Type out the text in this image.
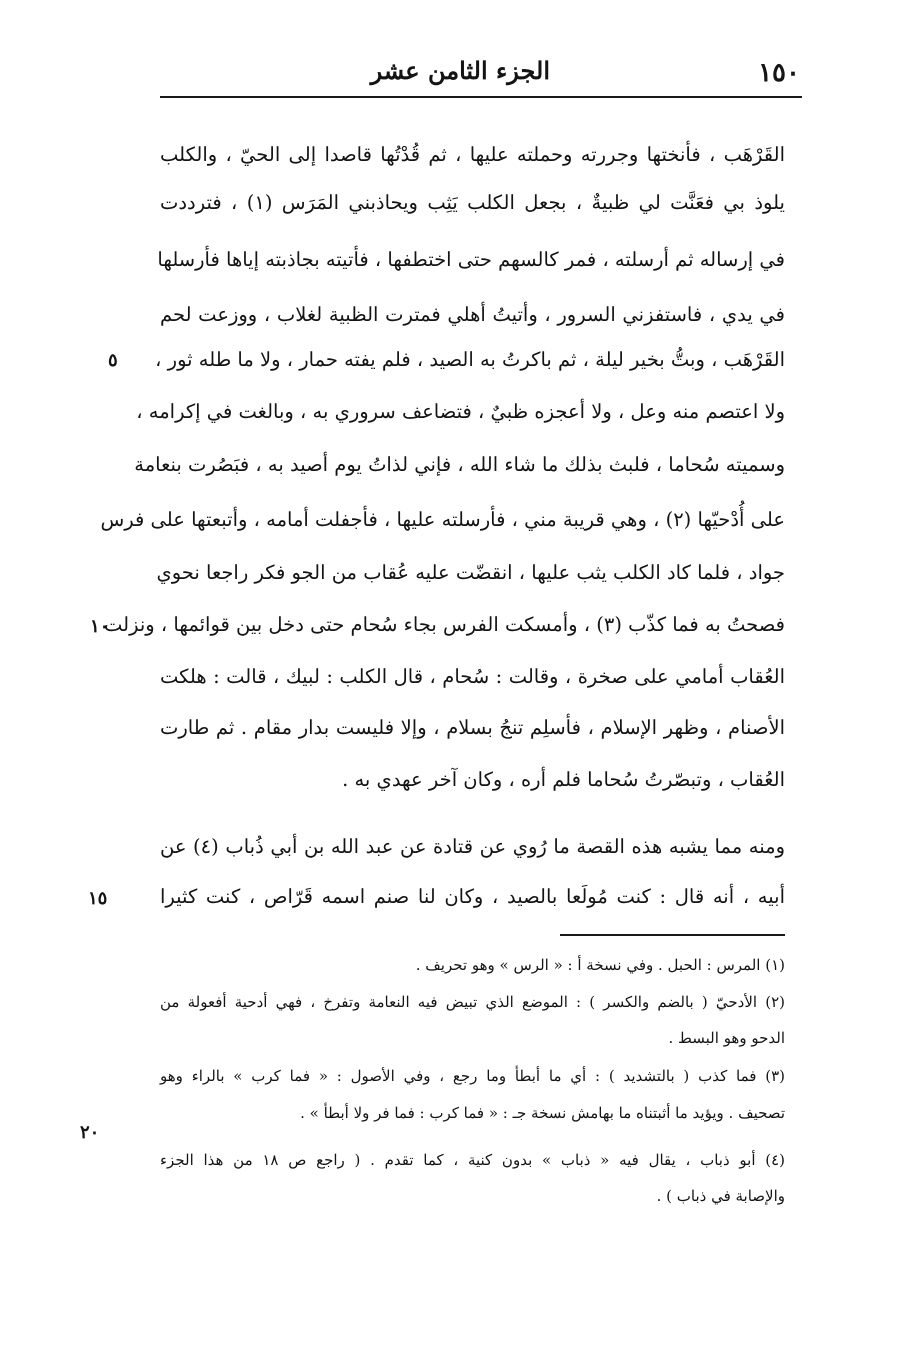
١٥٠
الجزء الثامن عشر
القَرْهَب ، فأنختها وجررته وحملته عليها ، ثم قُدْتُها قاصدا إلى الحيّ ، والكلب
يلوذ بي فعَنَّت لي ظبيةٌ ، بجعل الكلب يَثِب ويحاذبني المَرَس (١) ، فترددت
في إرساله ثم أرسلته ، فمر كالسهم حتى اختطفها ، فأتيته بجاذبته إياها فأرسلها
في يدي ، فاستفزني السرور ، وأتيتُ أهلي فمترت الظبية لغلاب ، ووزعت لحم
القَرْهَب ، وبتُّ بخير ليلة ، ثم باكرتُ به الصيد ، فلم يفته حمار ، ولا ما طله ثور ،
ولا اعتصم منه وعل ، ولا أعجزه ظبيٌ ، فتضاعف سروري به ، وبالغت في إكرامه ،
وسميته سُحاما ، فلبث بذلك ما شاء الله ، فإني لذاتُ يوم أصيد به ، فبَصُرت بنعامة
على أُدْحيّها (٢) ، وهي قريبة مني ، فأرسلته عليها ، فأجفلت أمامه ، وأتبعتها على فرس
جواد ، فلما كاد الكلب يثب عليها ، انقضّت عليه عُقاب من الجو فكر راجعا نحوي
فصحتُ به فما كذّب (٣) ، وأمسكت الفرس بجاء سُحام حتى دخل بين قوائمها ، ونزلت
العُقاب أمامي على صخرة ، وقالت : سُحام ، قال الكلب : لبيك ، قالت : هلكت
الأصنام ، وظهر الإسلام ، فأسلِم تنجُ بسلام ، وإلا فليست بدار مقام . ثم طارت
العُقاب ، وتبصّرتُ سُحاما فلم أره ، وكان آخر عهدي به .
ومنه مما يشبه هذه القصة ما رُوي عن قتادة عن عبد الله بن أبي ذُباب (٤) عن
أبيه ، أنه قال : كنت مُولَعا بالصيد ، وكان لنا صنم اسمه قَرّاص ، كنت كثيرا
٥
١٠
١٥
٢٠
(١) المرس : الحبل . وفي نسخة أ : « الرس » وهو تحريف .
(٢) الأدحيّ ( بالضم والكسر ) : الموضع الذي تبيض فيه النعامة وتفرخ ، فهي أدحية أفعولة من
الدحو وهو البسط .
(٣) فما كذب ( بالتشديد ) : أي ما أبطأ وما رجع ، وفي الأصول : « فما كرب » بالراء وهو
تصحيف . ويؤيد ما أثبتناه ما بهامش نسخة جـ : « فما كرب : فما فر ولا أبطأ » .
(٤) أبو ذباب ، يقال فيه « ذباب » بدون كنية ، كما تقدم . ( راجع ص ١٨ من هذا الجزء
والإصابة في ذباب ) .
